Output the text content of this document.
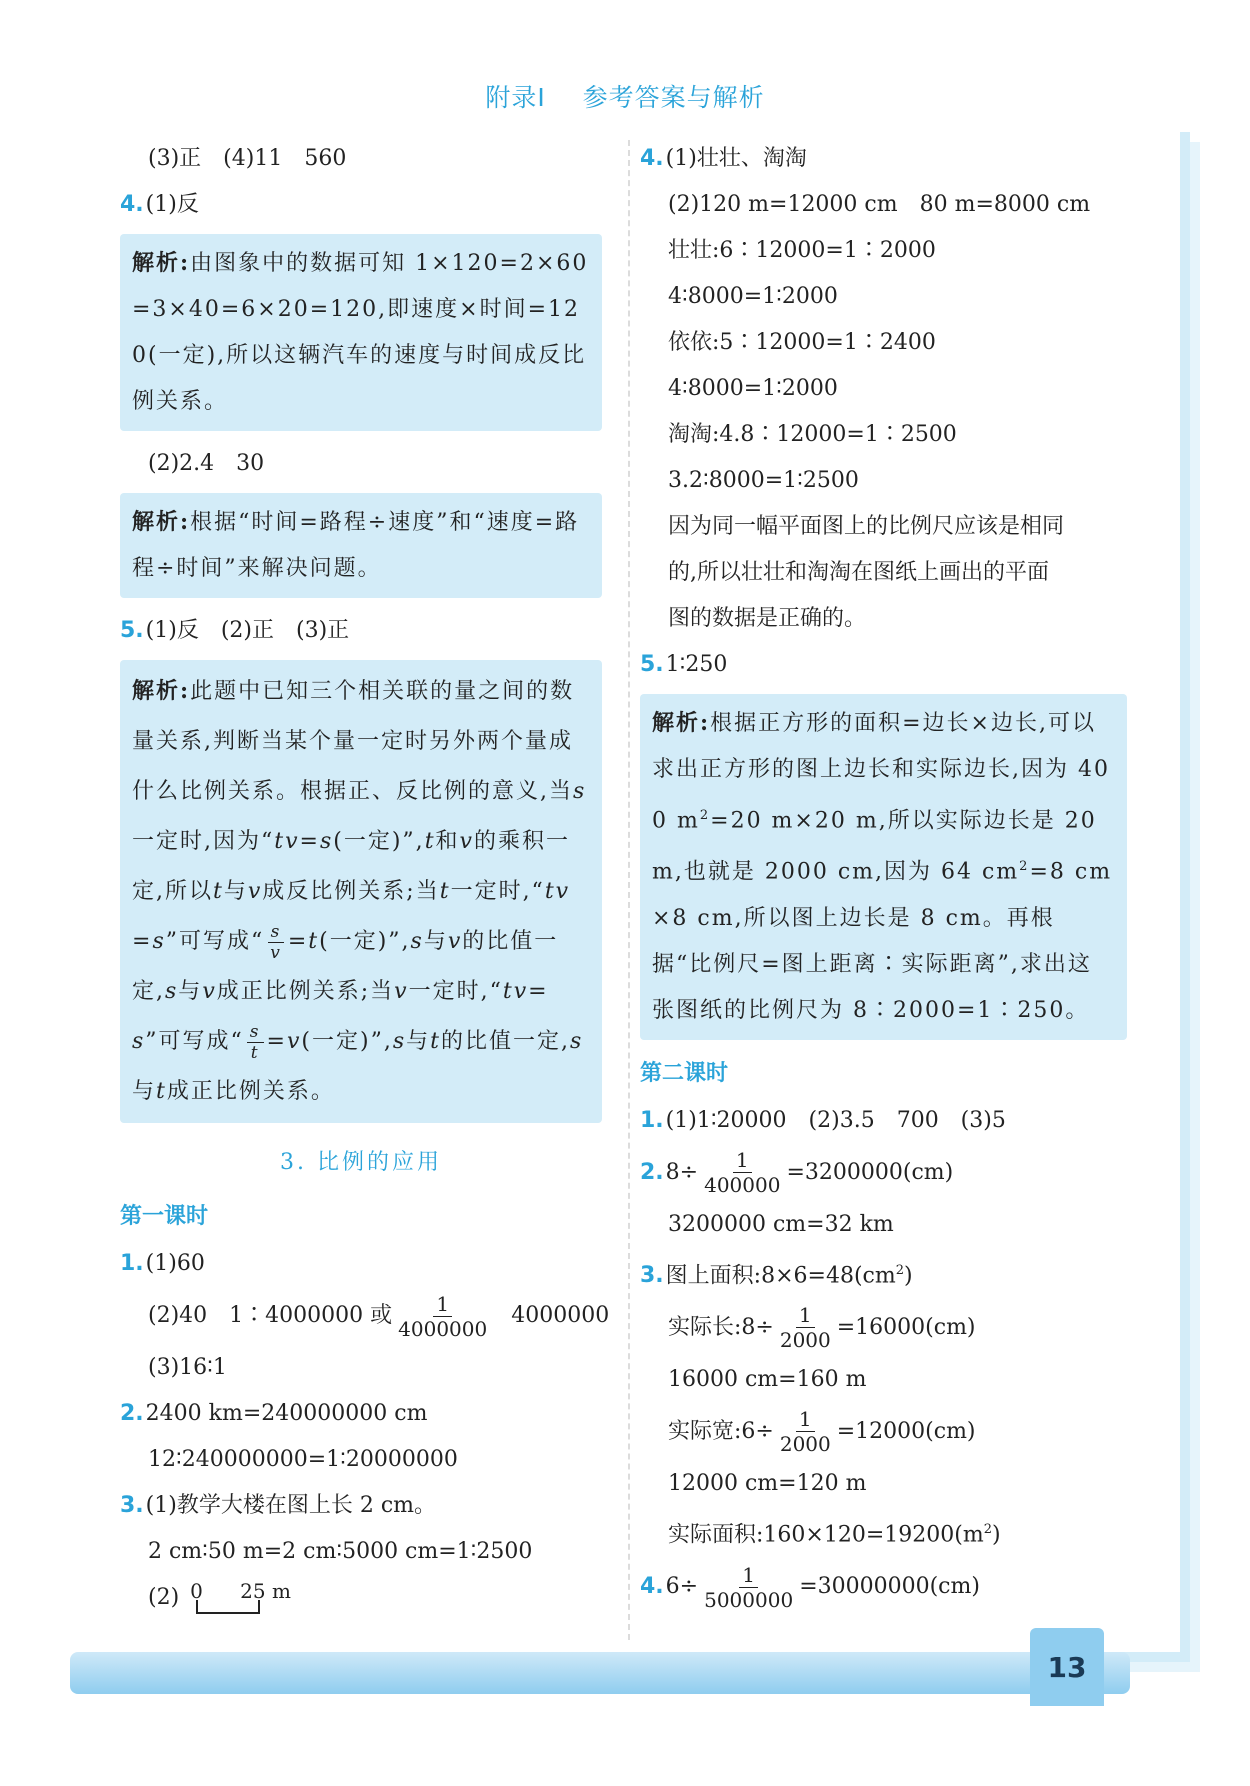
13
附录Ⅰ 参考答案与解析
(3)正　(4)11　560
4.(1)反
解析:由图象中的数据可知 1×120=2×60=3×40=6×20=120,即速度×时间=120(一定),所以这辆汽车的速度与时间成反比例关系。
(2)2.4　30
解析:根据“时间=路程÷速度”和“速度=路程÷时间”来解决问题。
5.(1)反　(2)正　(3)正
解析:此题中已知三个相关联的量之间的数量关系,判断当某个量一定时另外两个量成什么比例关系。根据正、反比例的意义,当s一定时,因为“tv=s(一定)”,t和v的乘积一定,所以t与v成反比例关系;当t一定时,“tv=s”可写成“ $\frac{s}{v} =t$(一定)”,s与v的比值一定,s与v成正比例关系;当v一定时,“tv=s”可写成“ $\frac{s}{t} =v$(一定)”,s与t的比值一定,s与t成正比例关系。
3. 比例的应用
第一课时
1.(1)60
(2)40　1∶4000000 或 $\frac{1}{4000000} 4000000$
(3)16∶1
2.2400 km=240000000 cm
12∶240000000=1∶20000000
3.(1)教学大楼在图上长 2 cm。
2 cm∶50 m=2 cm∶5000 cm=1∶2500
(2) 0 25 m
4.(1)壮壮、淘淘
(2)120 m=12000 cm　80 m=8000 cm
壮壮:6∶12000=1∶2000
4∶8000=1∶2000
依依:5∶12000=1∶2400
4∶8000=1∶2000
淘淘:4.8∶12000=1∶2500
3.2∶8000=1∶2500
因为同一幅平面图上的比例尺应该是相同
的,所以壮壮和淘淘在图纸上画出的平面
图的数据是正确的。
5.1∶250
解析:根据正方形的面积=边长×边长,可以求出正方形的图上边长和实际边长,因为 400 $m^2=20$ m×20 m,所以实际边长是 20 m,也就是 2000 cm,因为 64 $cm^2=8$ cm×8 cm,所以图上边长是 8 cm。再根据“比例尺=图上距离∶实际距离”,求出这张图纸的比例尺为 8∶2000=1∶250。
第二课时
1.(1)1∶20000　(2)3.5　700　(3)5
$2.8\div \frac{1}{400000} =3200000(cm)$
3200000 cm=32 km
3.图上面积$:8\times 6=48(cm^2)$
实际长:8÷ $\frac{1}{2000} =16000(cm)$
16000 cm=160 m
实际宽:6÷ $\frac{1}{2000} =12000(cm)$
12000 cm=120 m
实际面积$:160\times 120=19200(m^2)$
$4.6\div \frac{1}{5000000} =30000000(cm)$
